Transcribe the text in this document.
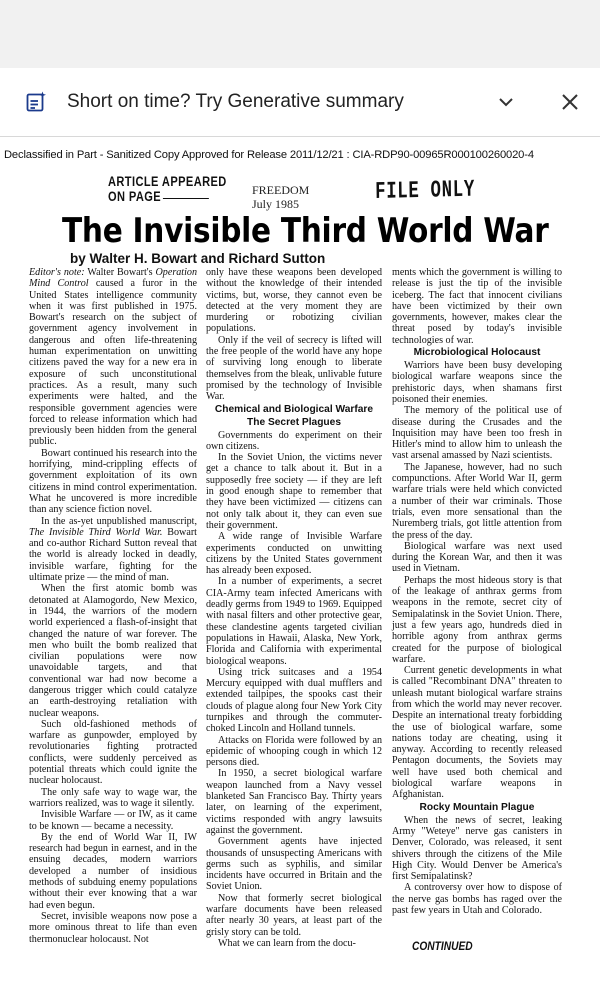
Short on time? Try Generative summary
Declassified in Part - Sanitized Copy Approved for Release 2011/12/21 : CIA-RDP90-00965R000100260020-4
ARTICLE APPEARED
ON PAGE	FREEDOM
July 1985	FILE ONLY
The Invisible Third World War
by Walter H. Bowart and Richard Sutton

Editor's note: Walter Bowart's Operation Mind Control caused a furor in the United States intelligence community when it was first published in 1975. Bowart's research on the subject of government agency involvement in dangerous and often life-threatening human experimentation on unwitting citizens paved the way for a new era in exposure of such unconstitutional practices. As a result, many such experiments were halted, and the responsible government agencies were forced to release information which had previously been hidden from the general public.

Bowart continued his research into the horrifying, mind-crippling effects of government exploitation of its own citizens in mind control experimentation. What he uncovered is more incredible than any science fiction novel.

In the as-yet unpublished manuscript, The Invisible Third World War. Bowart and co-author Richard Sutton reveal that the world is already locked in deadly, invisible warfare, fighting for the ultimate prize — the mind of man.

When the first atomic bomb was detonated at Alamogordo, New Mexico, in 1944, the warriors of the modern world experienced a flash-of-insight that changed the nature of war forever. The men who built the bomb realized that civilian populations were now unavoidable targets, and that conventional war had now become a dangerous trigger which could catalyze an earth-destroying retaliation with nuclear weapons.

Such old-fashioned methods of warfare as gunpowder, employed by revolutionaries fighting protracted conflicts, were suddenly perceived as potential threats which could ignite the nuclear holocaust.

The only safe way to wage war, the warriors realized, was to wage it silently.

Invisible Warfare — or IW, as it came to be known — became a necessity.

By the end of World War II, IW research had begun in earnest, and in the ensuing decades, modern warriors developed a number of insidious methods of subduing enemy populations without their ever knowing that a war had even begun.

Secret, invisible weapons now pose a more ominous threat to life than even thermonuclear holocaust. Not

only have these weapons been developed without the knowledge of their intended victims, but, worse, they cannot even be detected at the very moment they are murdering or robotizing civilian populations.

Only if the veil of secrecy is lifted will the free people of the world have any hope of surviving long enough to liberate themselves from the bleak, unlivable future promised by the technology of Invisible War.

Chemical and Biological Warfare
The Secret Plagues

Governments do experiment on their own citizens.

In the Soviet Union, the victims never get a chance to talk about it. But in a supposedly free society — if they are left in good enough shape to remember that they have been victimized — citizens can not only talk about it, they can even sue their government.

A wide range of Invisible Warfare experiments conducted on unwitting citizens by the United States government has already been exposed.

In a number of experiments, a secret CIA-Army team infected Americans with deadly germs from 1949 to 1969. Equipped with nasal filters and other protective gear, these clandestine agents targeted civilian populations in Hawaii, Alaska, New York, Florida and California with experimental biological weapons.

Using trick suitcases and a 1954 Mercury equipped with dual mufflers and extended tailpipes, the spooks cast their clouds of plague along four New York City turnpikes and through the commuter-choked Lincoln and Holland tunnels.

Attacks on Florida were followed by an epidemic of whooping cough in which 12 persons died.

In 1950, a secret biological warfare weapon launched from a Navy vessel blanketed San Francisco Bay. Thirty years later, on learning of the experiment, victims responded with angry lawsuits against the government.

Government agents have injected thousands of unsuspecting Americans with germs such as syphilis, and similar incidents have occurred in Britain and the Soviet Union.

Now that formerly secret biological warfare documents have been released after nearly 30 years, at least part of the grisly story can be told.

What we can learn from the docu-

ments which the government is willing to release is just the tip of the invisible iceberg. The fact that innocent civilians have been victimized by their own governments, however, makes clear the threat posed by today's invisible technologies of war.

Microbiological Holocaust

Warriors have been busy developing biological warfare weapons since the prehistoric days, when shamans first poisoned their enemies.

The memory of the political use of disease during the Crusades and the Inquisition may have been too fresh in Hitler's mind to allow him to unleash the vast arsenal amassed by Nazi scientists.

The Japanese, however, had no such compunctions. After World War II, germ warfare trials were held which convicted a number of their war criminals. Those trials, even more sensational than the Nuremberg trials, got little attention from the press of the day.

Biological warfare was next used during the Korean War, and then it was used in Vietnam.

Perhaps the most hideous story is that of the leakage of anthrax germs from weapons in the remote, secret city of Semipalatinsk in the Soviet Union. There, just a few years ago, hundreds died in horrible agony from anthrax germs created for the purpose of biological warfare.

Current genetic developments in what is called "Recombinant DNA" threaten to unleash mutant biological warfare strains from which the world may never recover. Despite an international treaty forbidding the use of biological warfare, some nations today are cheating, using it anyway. According to recently released Pentagon documents, the Soviets may well have used both chemical and biological warfare weapons in Afghanistan.

Rocky Mountain Plague

When the news of secret, leaking Army "Weteye" nerve gas canisters in Denver, Colorado, was released, it sent shivers through the citizens of the Mile High City. Would Denver be America's first Semipalatinsk?

A controversy over how to dispose of the nerve gas bombs has raged over the past few years in Utah and Colorado.

CONTINUED
